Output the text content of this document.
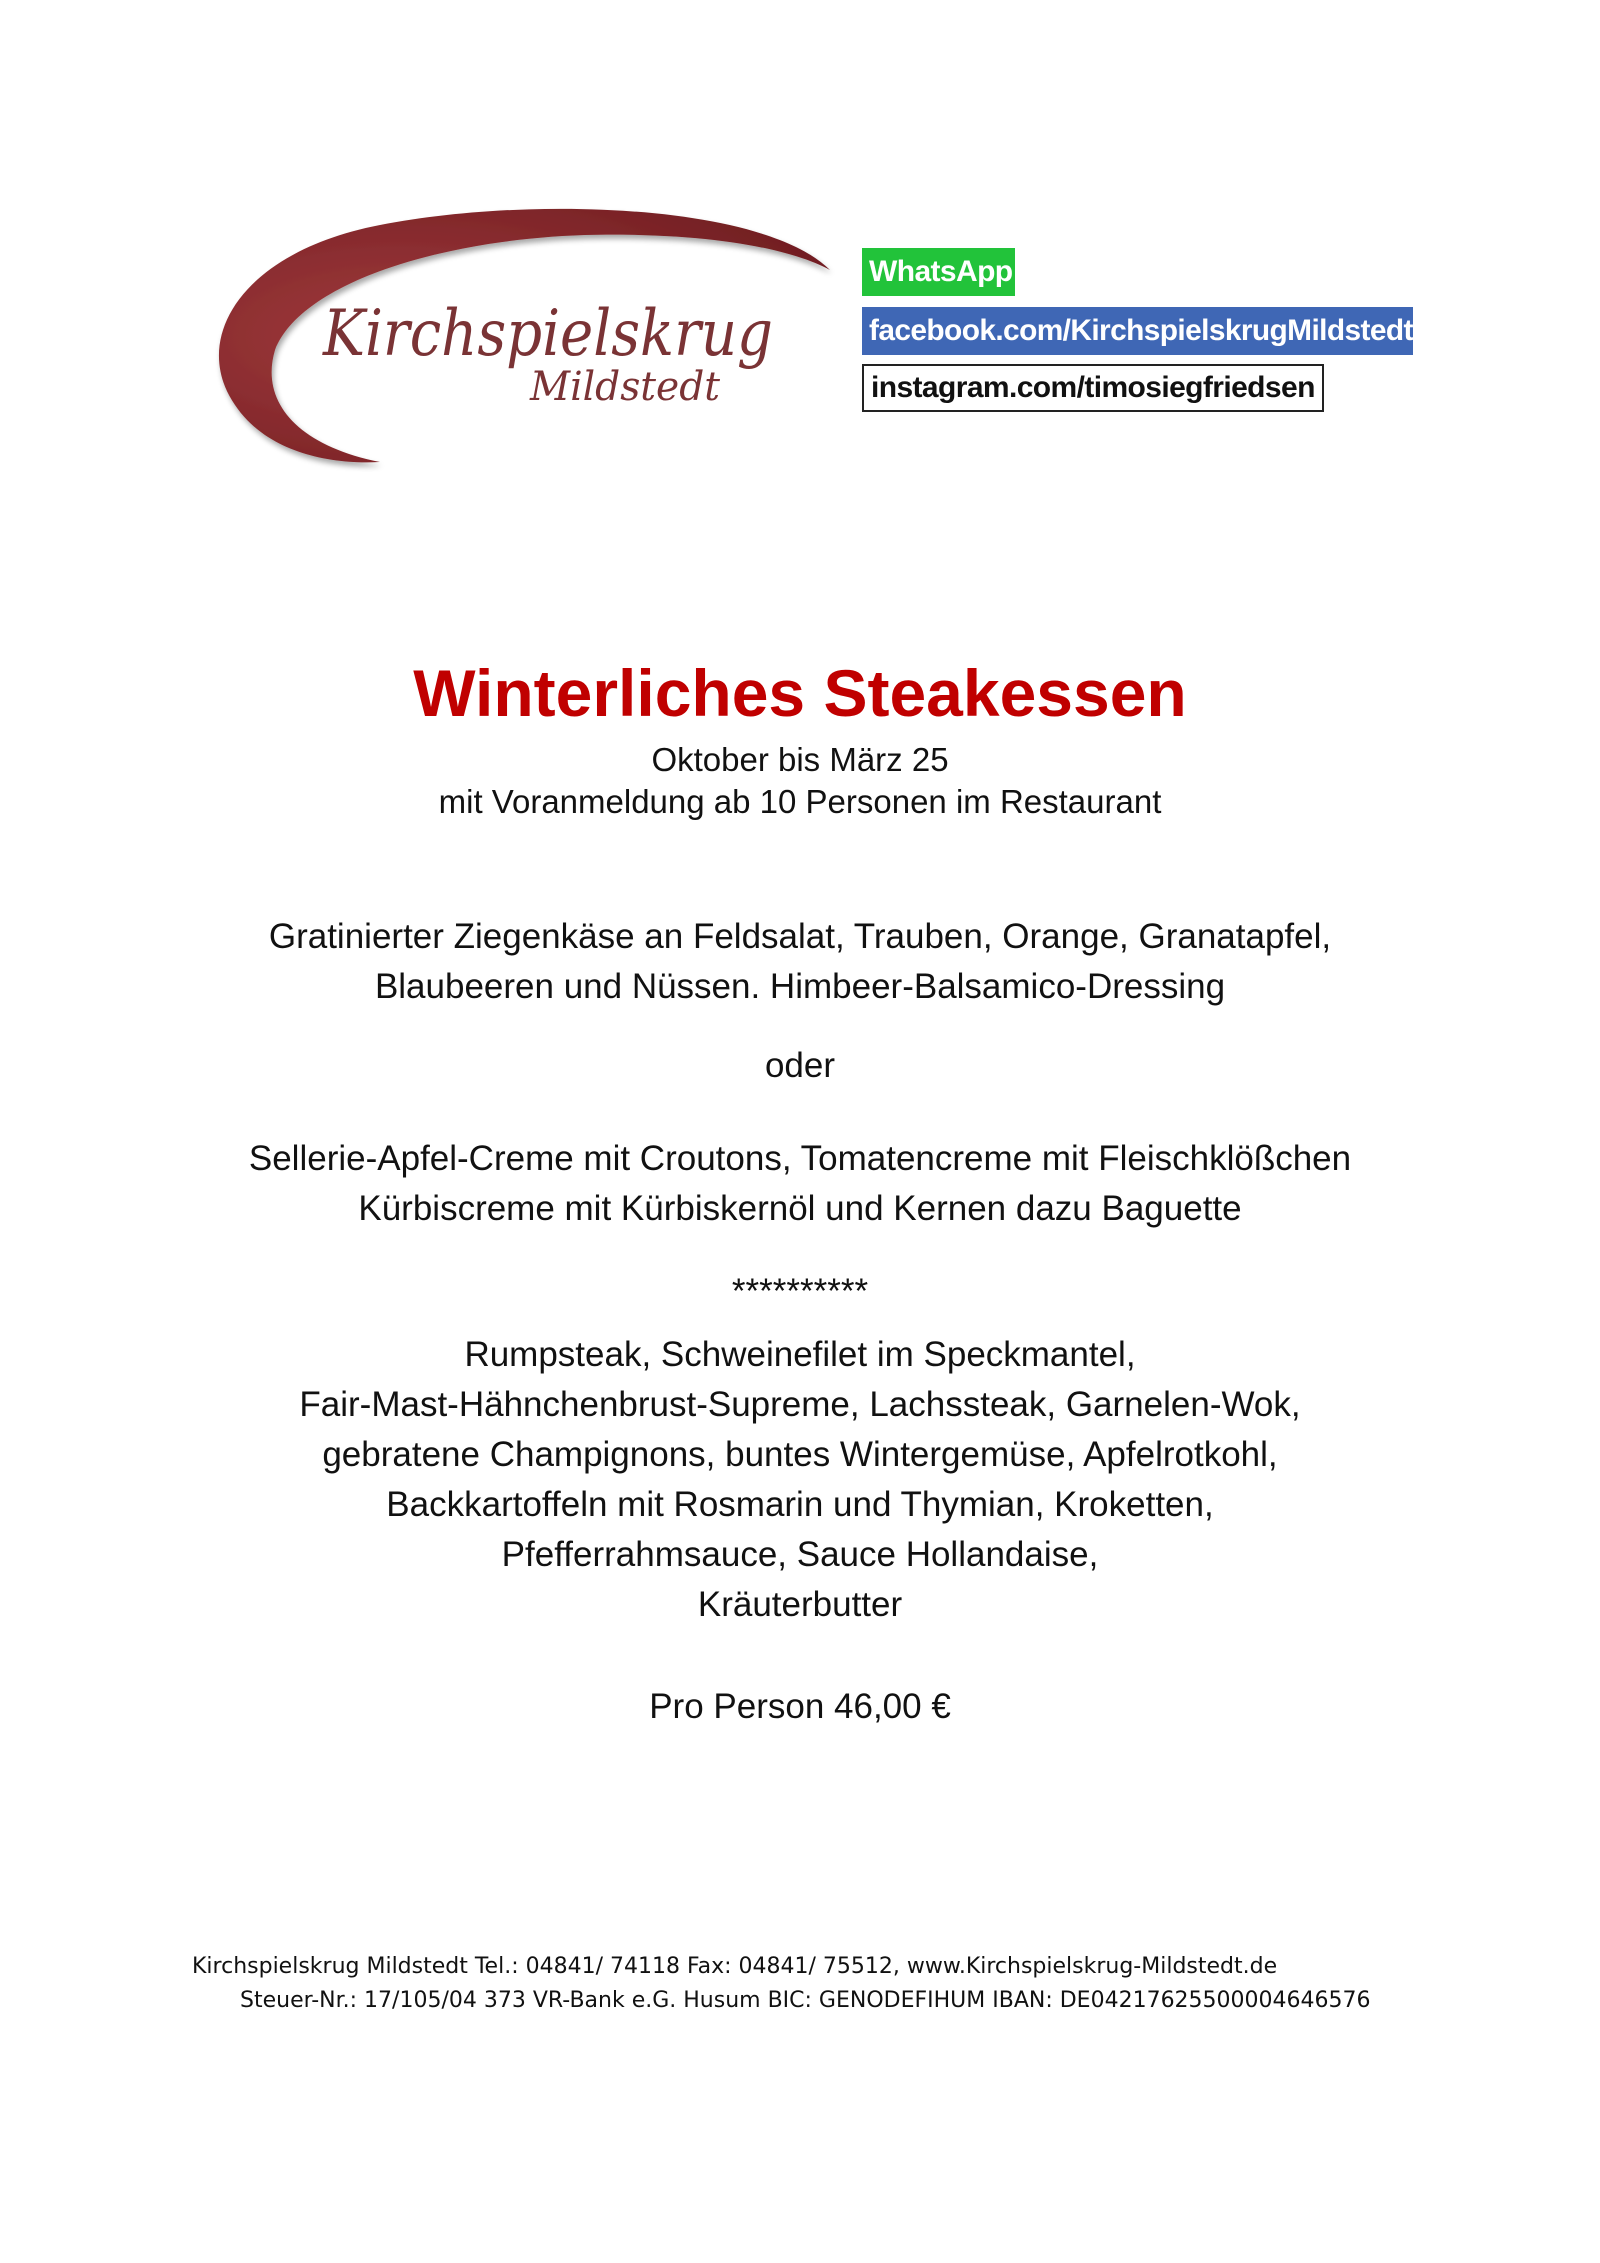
Kirchspielskrug
Mildstedt
WhatsApp
facebook.com/KirchspielskrugMildstedt
instagram.com/timosiegfriedsen
Winterliches Steakessen
Oktober bis März 25
mit Voranmeldung ab 10 Personen im Restaurant

Gratinierter Ziegenkäse an Feldsalat, Trauben, Orange, Granatapfel,

Blaubeeren und Nüssen. Himbeer-Balsamico-Dressing

oder

Sellerie-Apfel-Creme mit Croutons, Tomatencreme mit Fleischklößchen

Kürbiscreme mit Kürbiskernöl und Kernen dazu Baguette

**********

Rumpsteak, Schweinefilet im Speckmantel,

Fair-Mast-Hähnchenbrust-Supreme, Lachssteak, Garnelen-Wok,

gebratene Champignons, buntes Wintergemüse, Apfelrotkohl,

Backkartoffeln mit Rosmarin und Thymian, Kroketten,

Pfefferrahmsauce, Sauce Hollandaise,

Kräuterbutter

Pro Person 46,00 €
Kirchspielskrug Mildstedt Tel.: 04841/ 74118 Fax: 04841/ 75512, www.Kirchspielskrug-Mildstedt.de
Steuer-Nr.: 17/105/04 373 VR-Bank e.G. Husum BIC: GENODEFIHUM IBAN: DE04217625500004646576
